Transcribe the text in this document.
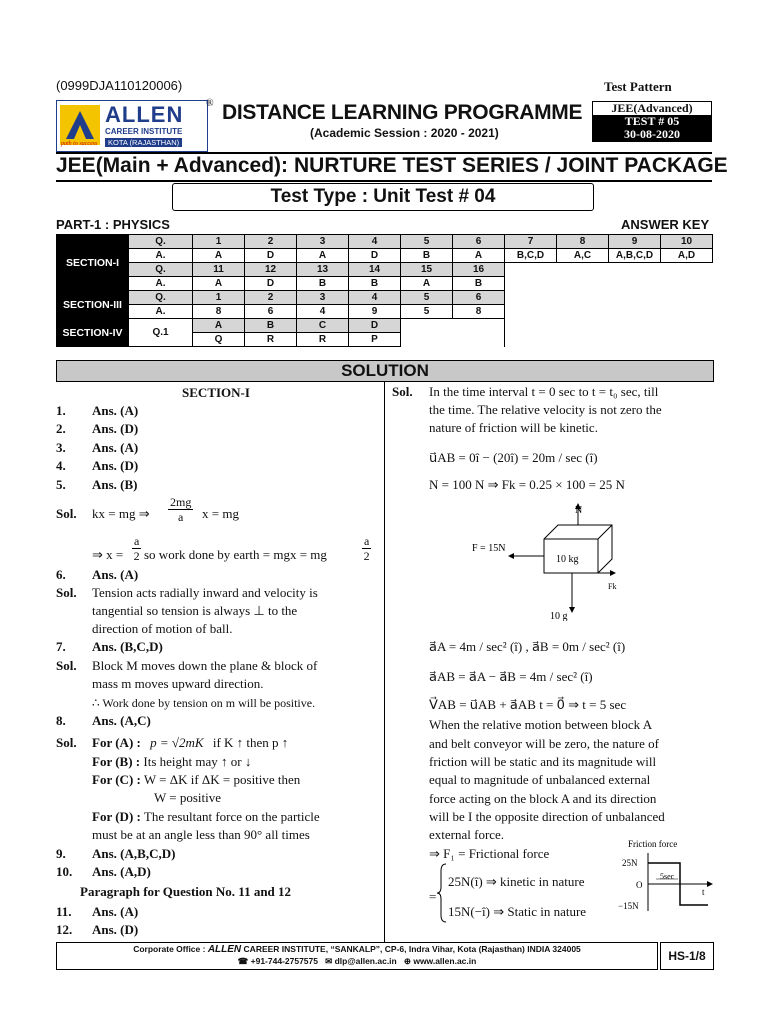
(0999DJA110120006)	Test Pattern
ALLEN
CAREER INSTITUTE
KOTA (RAJASTHAN)
path to success
® DISTANCE LEARNING PROGRAMME
(Academic Session : 2020 - 2021)
JEE(Advanced)
TEST # 05
30-08-2020
JEE(Main + Advanced): NURTURE TEST SERIES / JOINT PACKAGE
Test Type : Unit Test # 04
PART-1 : PHYSICS	ANSWER KEY
SECTION-I	Q.	1	2	3	4	5	6	7	8	9	10
	A.	A	D	A	D	B	A	B,C,D	A,C	A,B,C,D	A,D
	Q.	11	12	13	14	15	16				
	A.	A	D	B	B	A	B				
SECTION-III	Q.	1	2	3	4	5	6				
	A.	8	6	4	9	5	8				
SECTION-IV	Q.1	A	B	C	D						
		Q	R	R	P						
SOLUTION
SECTION-I
1. Ans. (A)
2. Ans. (D)
3. Ans. (A)
4. Ans. (D)
5. Ans. (B)
Sol. kx = mg ⇒
2mg
a	x = mg
⇒ x =
a
2 so work done by earth = mgx = mg
a
2
6. Ans. (A)
Sol. Tension acts radially inward and velocity is
tangential so tension is always ⊥ to the
direction of motion of ball.
7. Ans. (B,C,D)
Sol. Block M moves down the plane & block of
mass m moves upward direction.
∴ Work done by tension on m will be positive.
8. Ans. (A,C)
Sol. For (A) : p = √2mK if K ↑ then p ↑
For (B) : Its height may ↑ or ↓
For (C) : W = ΔK if ΔK = positive then
W = positive
For (D) : The resultant force on the particle
must be at an angle less than 90° all times
9. Ans. (A,B,C,D)
10. Ans. (A,D)
Paragraph for Question No. 11 and 12
11. Ans. (A)
12. Ans. (D)
Sol. In the time interval t = 0 sec to t = t₀ sec, till
the time. The relative velocity is not zero the
nature of friction will be kinetic.
u⃗AB = 0î − (20î) = 20m / sec (î)
N = 100 N ⇒ Fk = 0.25 × 100 = 25 N
N
F = 15N
10 kg
Fk
10 g
a⃗A = 4m / sec² (î) , a⃗B = 0m / sec² (î)
a⃗AB = a⃗A − a⃗B = 4m / sec² (î)
V⃗AB = u⃗AB + a⃗AB t = 0⃗ ⇒ t = 5 sec
When the relative motion between block A
and belt conveyor will be zero, the nature of
friction will be static and its magnitude will
equal to magnitude of unbalanced external
force acting on the block A and its direction
will be I the opposite direction of unbalanced
external force.
⇒ F₁ = Frictional force
=
25N(î) ⇒ kinetic in nature
15N(−î) ⇒ Static in nature
Friction force
25N
O
5sec
t
−15N
Corporate Office : ALLEN CAREER INSTITUTE, “SANKALP”, CP-6, Indra Vihar, Kota (Rajasthan) INDIA 324005
☎ +91-744-2757575 ✉ dlp@allen.ac.in ⊕ www.allen.ac.in	HS-1/8
